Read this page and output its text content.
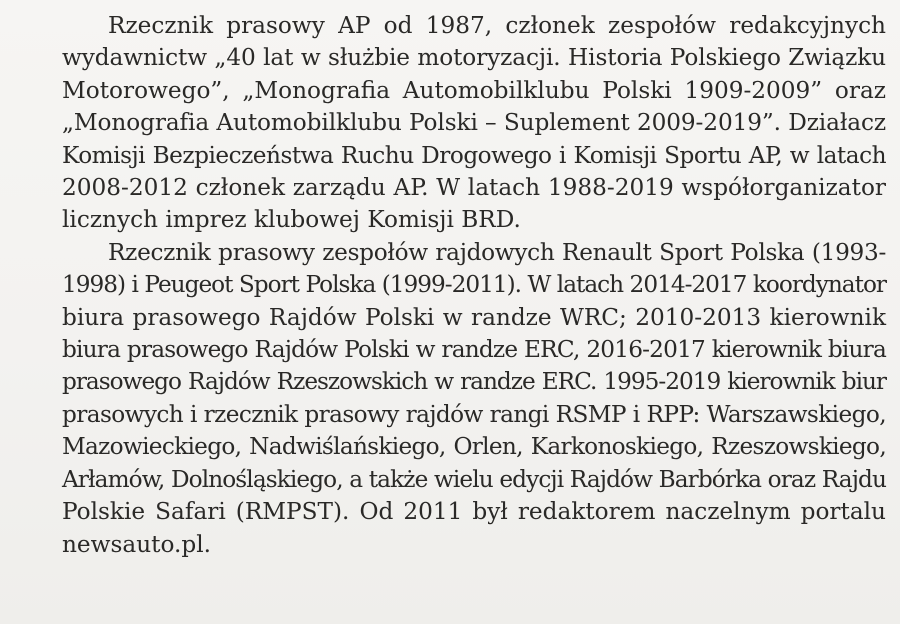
Rzecznik prasowy AP od 1987, członek zespołów redakcyjnych
wydawnictw „40 lat w służbie motoryzacji. Historia Polskiego Związku
Motorowego”, „Monografia Automobilklubu Polski 1909-2009” oraz
„Monografia Automobilklubu Polski – Suplement 2009-2019”. Działacz
Komisji Bezpieczeństwa Ruchu Drogowego i Komisji Sportu AP, w latach
2008-2012 członek zarządu AP. W latach 1988-2019 współorganizator
licznych imprez klubowej Komisji BRD.
Rzecznik prasowy zespołów rajdowych Renault Sport Polska (1993-
1998) i Peugeot Sport Polska (1999-2011). W latach 2014-2017 koordynator
biura prasowego Rajdów Polski w randze WRC; 2010-2013 kierownik
biura prasowego Rajdów Polski w randze ERC, 2016-2017 kierownik biura
prasowego Rajdów Rzeszowskich w randze ERC. 1995-2019 kierownik biur
prasowych i rzecznik prasowy rajdów rangi RSMP i RPP: Warszawskiego,
Mazowieckiego, Nadwiślańskiego, Orlen, Karkonoskiego, Rzeszowskiego,
Arłamów, Dolnośląskiego, a także wielu edycji Rajdów Barbórka oraz Rajdu
Polskie Safari (RMPST). Od 2011 był redaktorem naczelnym portalu
newsauto.pl.
